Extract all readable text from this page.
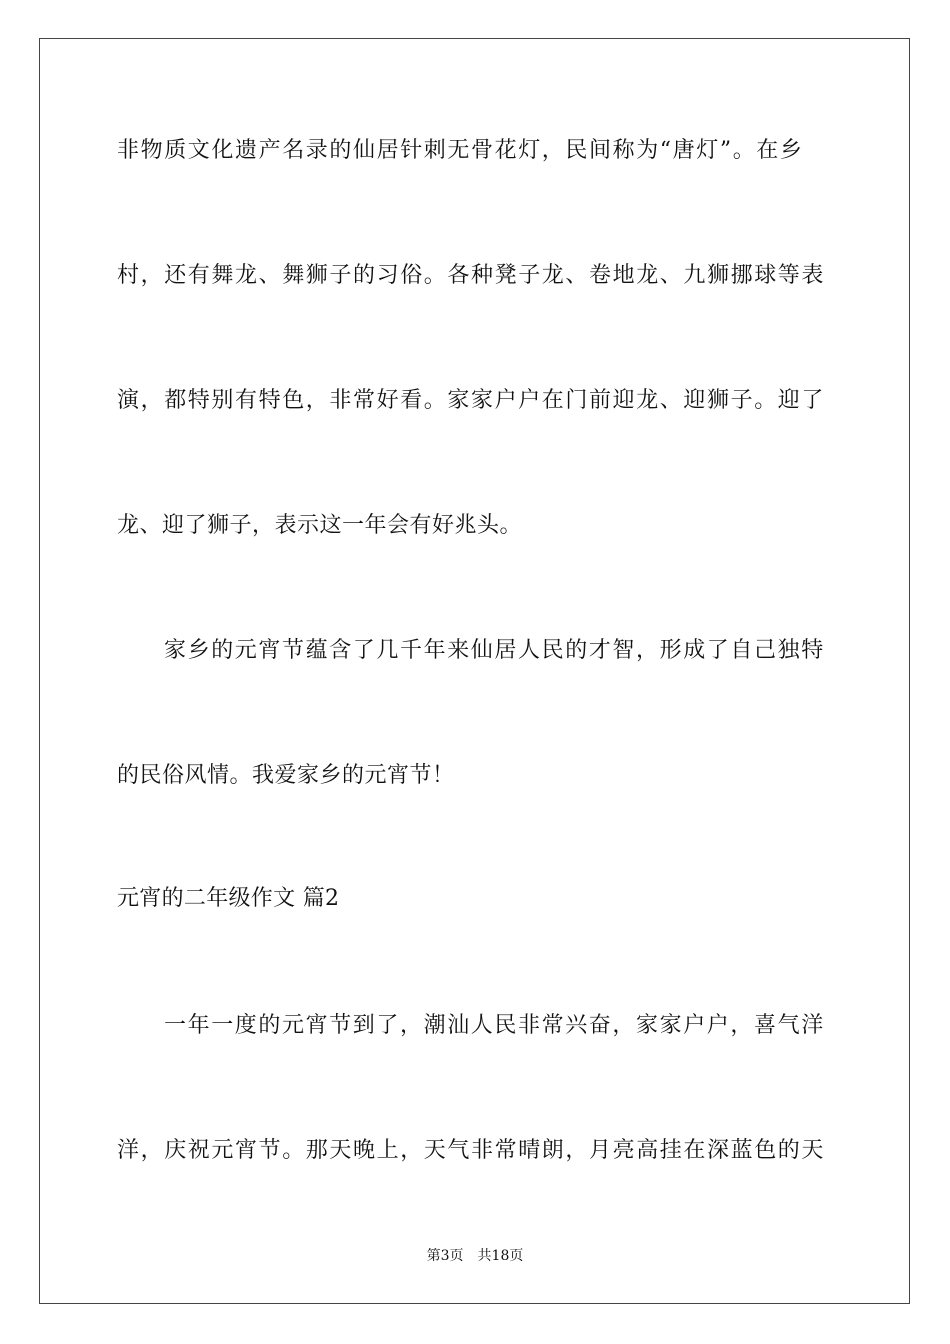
非物质文化遗产名录的仙居针刺无骨花灯，民间称为“唐灯”。在乡
村，还有舞龙、舞狮子的习俗。各种凳子龙、卷地龙、九狮挪球等表
演，都特别有特色，非常好看。家家户户在门前迎龙、迎狮子。迎了
龙、迎了狮子，表示这一年会有好兆头。
家乡的元宵节蕴含了几千年来仙居人民的才智，形成了自己独特
的民俗风情。我爱家乡的元宵节！
元宵的二年级作文 篇2
一年一度的元宵节到了，潮汕人民非常兴奋，家家户户，喜气洋
洋，庆祝元宵节。那天晚上，天气非常晴朗，月亮高挂在深蓝色的天
第3页 共18页
